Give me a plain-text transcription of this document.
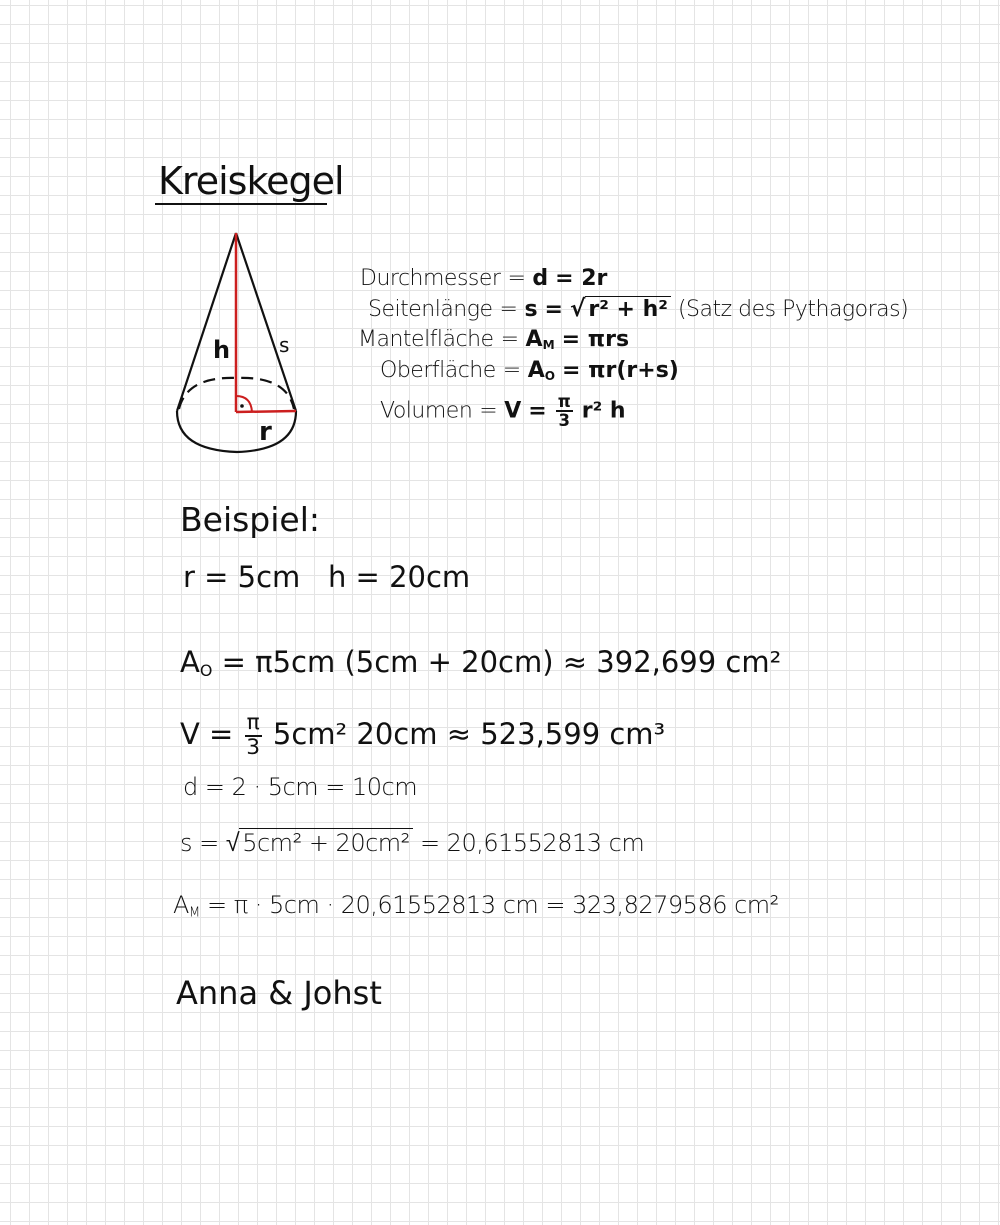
Kreiskegel
h s
r
Durchmesser = d = 2r
Seitenlänge = s = √ r² + h² (Satz des Pythagoras)
Mantelfläche = $A_M = \pi rs$
Oberfläche = $A_O = \pi r(r+s)$
Volumen = $V = \frac{\pi}{3} r^2$ h
Beispiel:
r = 5cm   h = 20cm
$A_O = \pi 5cm$ (5cm + 20cm) ≈ 392,699 cm²
$V = \frac{\pi}{3} 5cm^2$ 20cm ≈ 523,599 cm³
d = 2 · 5cm = 10cm
s = √ 5cm² + 20cm² = 20,61552813 cm
$A_M = \pi \cdot 5cm \cdot 20,61552813$ cm = 323,8279586 cm²
Anna & Johst
